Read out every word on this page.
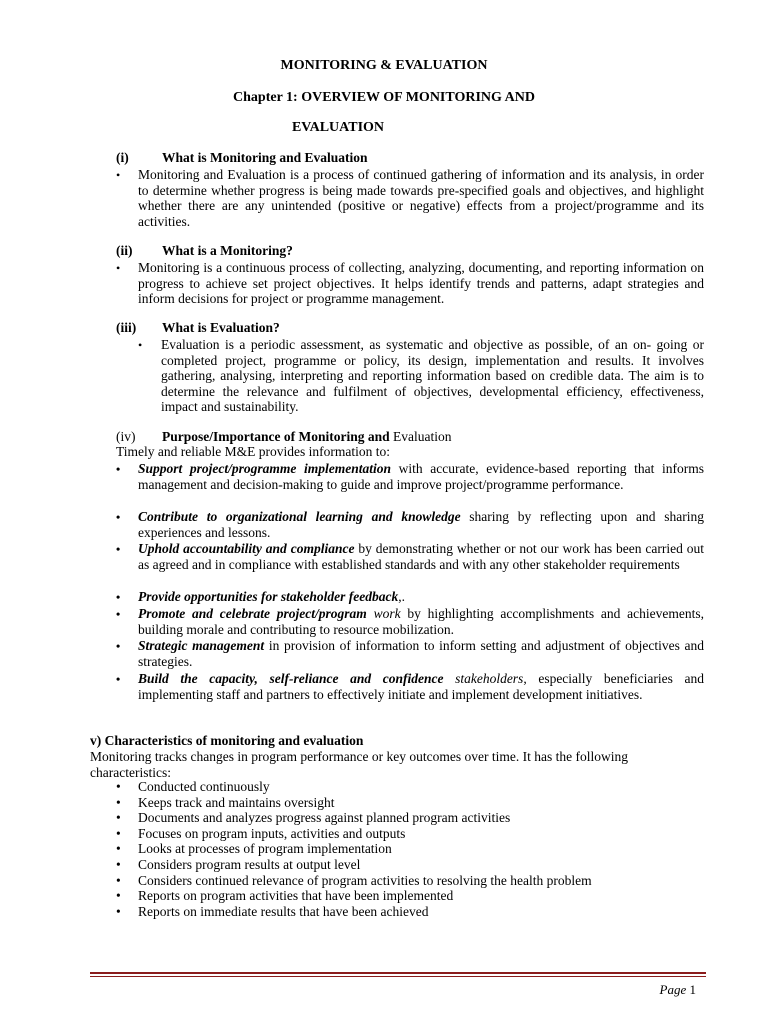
MONITORING & EVALUATION
Chapter 1: OVERVIEW OF MONITORING AND
EVALUATION
(i) What is Monitoring and Evaluation
• Monitoring and Evaluation is a process of continued gathering of information and its analysis, in order to determine whether progress is being made towards pre-specified goals and objectives, and highlight whether there are any unintended (positive or negative) effects from a project/programme and its activities.
(ii) What is a Monitoring?
• Monitoring is a continuous process of collecting, analyzing, documenting, and reporting information on progress to achieve set project objectives. It helps identify trends and patterns, adapt strategies and inform decisions for project or programme management.
(iii) What is Evaluation?
• Evaluation is a periodic assessment, as systematic and objective as possible, of an on- going or completed project, programme or policy, its design, implementation and results. It involves gathering, analysing, interpreting and reporting information based on credible data. The aim is to determine the relevance and fulfilment of objectives, developmental efficiency, effectiveness, impact and sustainability.
(iv) Purpose/Importance of Monitoring and Evaluation
Timely and reliable M&E provides information to:
• Support project/programme implementation with accurate, evidence-based reporting that informs management and decision-making to guide and improve project/programme performance.
• Contribute to organizational learning and knowledge sharing by reflecting upon and sharing experiences and lessons.
• Uphold accountability and compliance by demonstrating whether or not our work has been carried out as agreed and in compliance with established standards and with any other stakeholder requirements
• Provide opportunities for stakeholder feedback,.
• Promote and celebrate project/program work by highlighting accomplishments and achievements, building morale and contributing to resource mobilization.
• Strategic management in provision of information to inform setting and adjustment of objectives and strategies.
• Build the capacity, self-reliance and confidence stakeholders, especially beneficiaries and implementing staff and partners to effectively initiate and implement development initiatives.
v) Characteristics of monitoring and evaluation
Monitoring tracks changes in program performance or key outcomes over time. It has the following characteristics:
• Conducted continuously
• Keeps track and maintains oversight
• Documents and analyzes progress against planned program activities
• Focuses on program inputs, activities and outputs
• Looks at processes of program implementation
• Considers program results at output level
• Considers continued relevance of program activities to resolving the health problem
• Reports on program activities that have been implemented
• Reports on immediate results that have been achieved
Page 1
